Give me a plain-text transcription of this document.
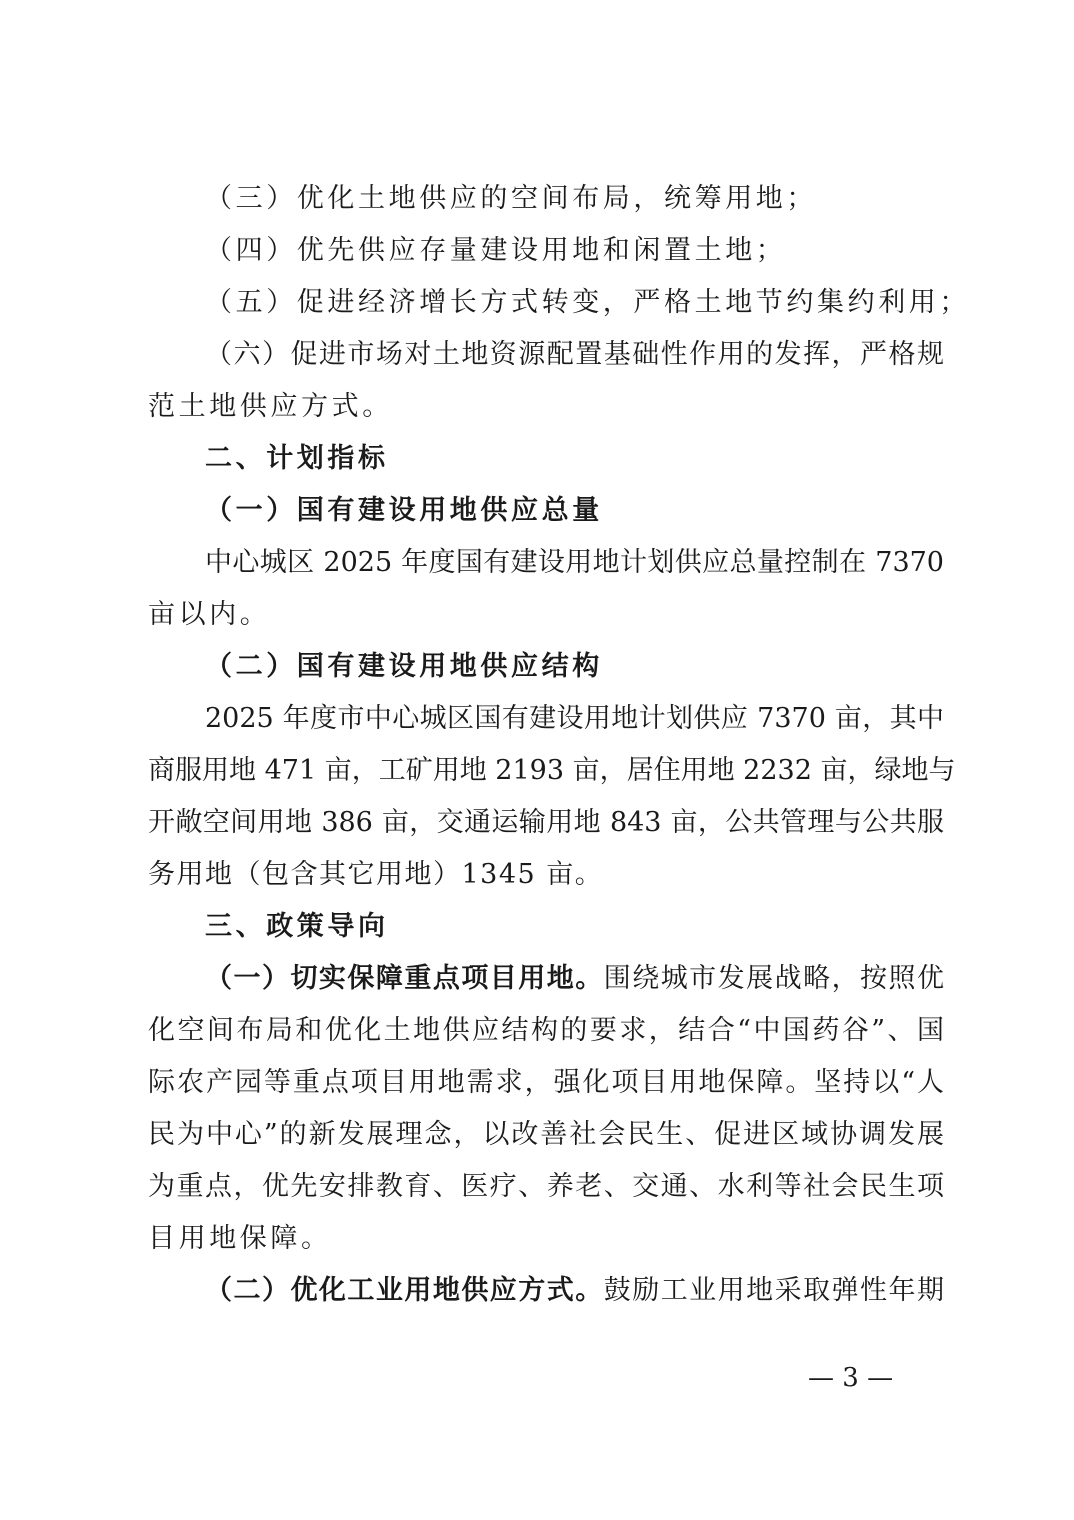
（三）优化土地供应的空间布局，统筹用地；
（四）优先供应存量建设用地和闲置土地；
（五）促进经济增长方式转变，严格土地节约集约利用；
（六）促进市场对土地资源配置基础性作用的发挥，严格规
范土地供应方式。
二、计划指标
（一）国有建设用地供应总量
中心城区 2025 年度国有建设用地计划供应总量控制在 7370
亩以内。
（二）国有建设用地供应结构
2025 年度市中心城区国有建设用地计划供应 7370 亩，其中
商服用地 471 亩，工矿用地 2193 亩，居住用地 2232 亩，绿地与
开敞空间用地 386 亩，交通运输用地 843 亩，公共管理与公共服
务用地（包含其它用地）1345 亩。
三、政策导向
（一）切实保障重点项目用地。围绕城市发展战略，按照优
化空间布局和优化土地供应结构的要求，结合“中国药谷”、国
际农产园等重点项目用地需求，强化项目用地保障。坚持以“人
民为中心”的新发展理念，以改善社会民生、促进区域协调发展
为重点，优先安排教育、医疗、养老、交通、水利等社会民生项
目用地保障。
（二）优化工业用地供应方式。鼓励工业用地采取弹性年期
— 3 —
